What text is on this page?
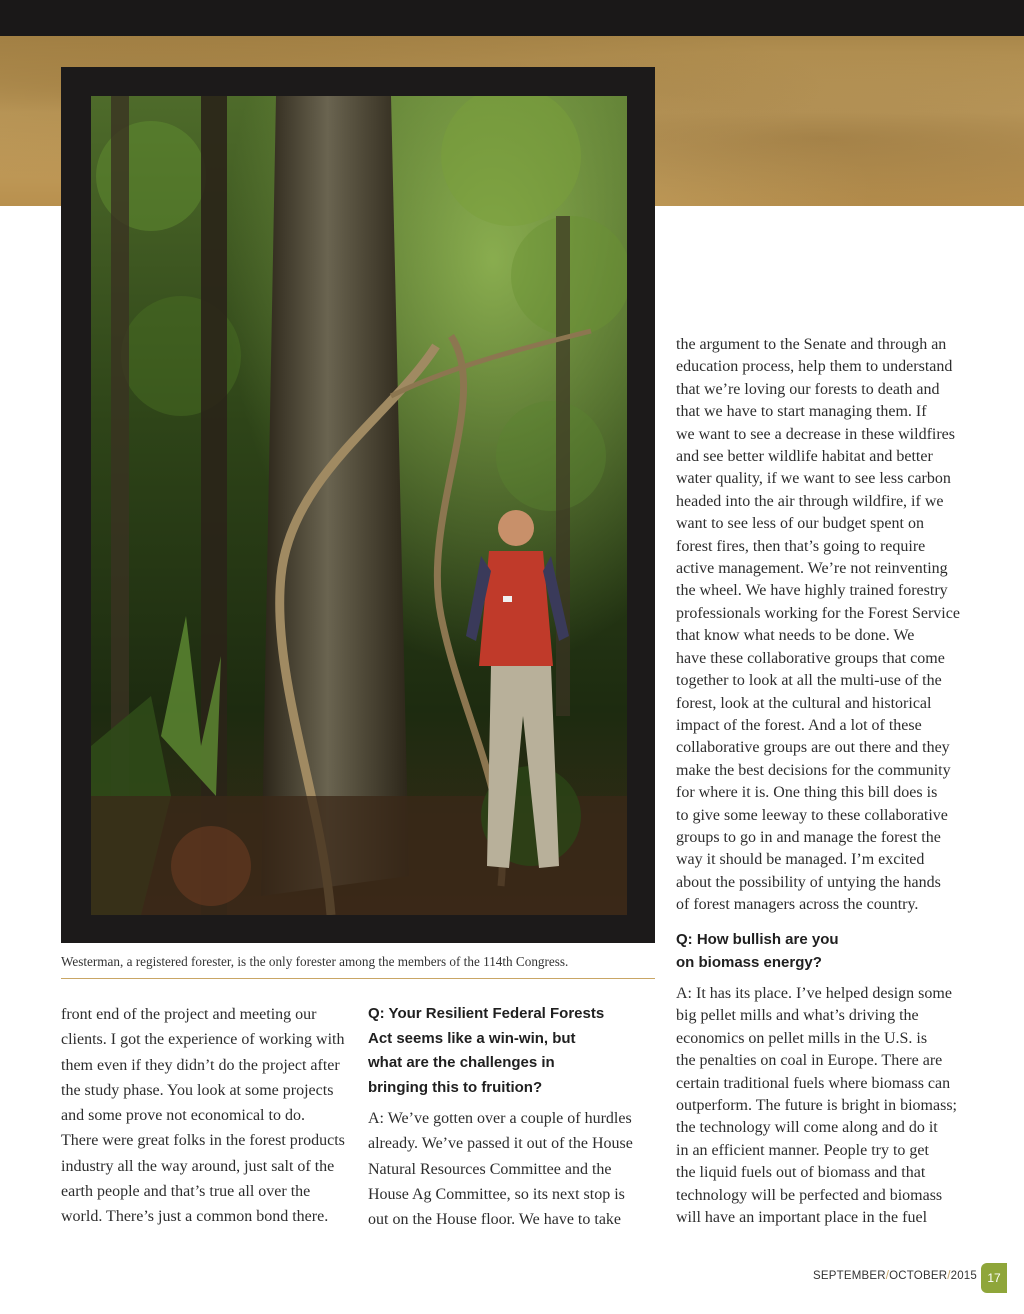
Westerman, a registered forester, is the only forester among the members of the 114th Congress.

front end of the project and meeting our
clients. I got the experience of working with
them even if they didn’t do the project after
the study phase. You look at some projects
and some prove not economical to do.
There were great folks in the forest products
industry all the way around, just salt of the
earth people and that’s true all over the
world. There’s just a common bond there.

Q: Your Resilient Federal Forests
Act seems like a win-win, but
what are the challenges in
bringing this to fruition?

A: We’ve gotten over a couple of hurdles
already. We’ve passed it out of the House
Natural Resources Committee and the
House Ag Committee, so its next stop is
out on the House floor. We have to take

the argument to the Senate and through an
education process, help them to understand
that we’re loving our forests to death and
that we have to start managing them. If
we want to see a decrease in these wildfires
and see better wildlife habitat and better
water quality, if we want to see less carbon
headed into the air through wildfire, if we
want to see less of our budget spent on
forest fires, then that’s going to require
active management. We’re not reinventing
the wheel. We have highly trained forestry
professionals working for the Forest Service
that know what needs to be done. We
have these collaborative groups that come
together to look at all the multi-use of the
forest, look at the cultural and historical
impact of the forest. And a lot of these
collaborative groups are out there and they
make the best decisions for the community
for where it is. One thing this bill does is
to give some leeway to these collaborative
groups to go in and manage the forest the
way it should be managed. I’m excited
about the possibility of untying the hands
of forest managers across the country.

Q: How bullish are you
on biomass energy?

A: It has its place. I’ve helped design some
big pellet mills and what’s driving the
economics on pellet mills in the U.S. is
the penalties on coal in Europe. There are
certain traditional fuels where biomass can
outperform. The future is bright in biomass;
the technology will come along and do it
in an efficient manner. People try to get
the liquid fuels out of biomass and that
technology will be perfected and biomass
will have an important place in the fuel

SEPTEMBER/OCTOBER/2015 17
